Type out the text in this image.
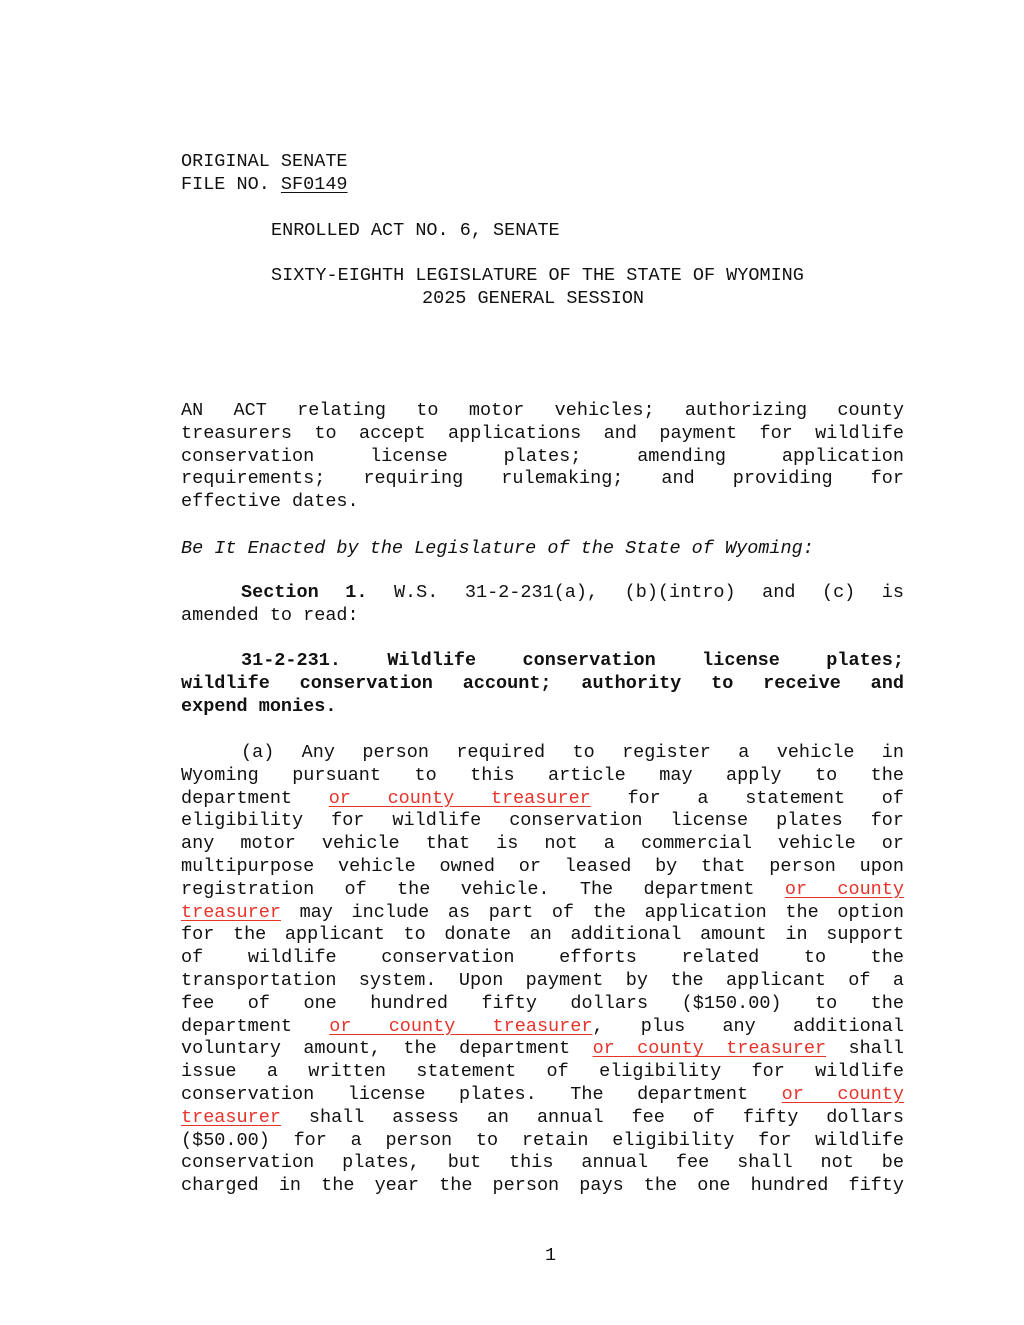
ORIGINAL SENATE
FILE NO. SF0149
ENROLLED ACT NO. 6, SENATE
SIXTY-EIGHTH LEGISLATURE OF THE STATE OF WYOMING
2025 GENERAL SESSION
AN ACT relating to motor vehicles; authorizing county
treasurers to accept applications and payment for wildlife
conservation license plates; amending application
requirements; requiring rulemaking; and providing for
effective dates.
Be It Enacted by the Legislature of the State of Wyoming:
Section 1. W.S. 31-2-231(a), (b)(intro) and (c) is
amended to read:
31-2-231. Wildlife conservation license plates;
wildlife conservation account; authority to receive and
expend monies.
(a) Any person required to register a vehicle in
Wyoming pursuant to this article may apply to the
department or county treasurer for a statement of
eligibility for wildlife conservation license plates for
any motor vehicle that is not a commercial vehicle or
multipurpose vehicle owned or leased by that person upon
registration of the vehicle. The department or county
treasurer may include as part of the application the option
for the applicant to donate an additional amount in support
of wildlife conservation efforts related to the
transportation system. Upon payment by the applicant of a
fee of one hundred fifty dollars ($150.00) to the
department or county treasurer, plus any additional
voluntary amount, the department or county treasurer shall
issue a written statement of eligibility for wildlife
conservation license plates. The department or county
treasurer shall assess an annual fee of fifty dollars
($50.00) for a person to retain eligibility for wildlife
conservation plates, but this annual fee shall not be
charged in the year the person pays the one hundred fifty
1
